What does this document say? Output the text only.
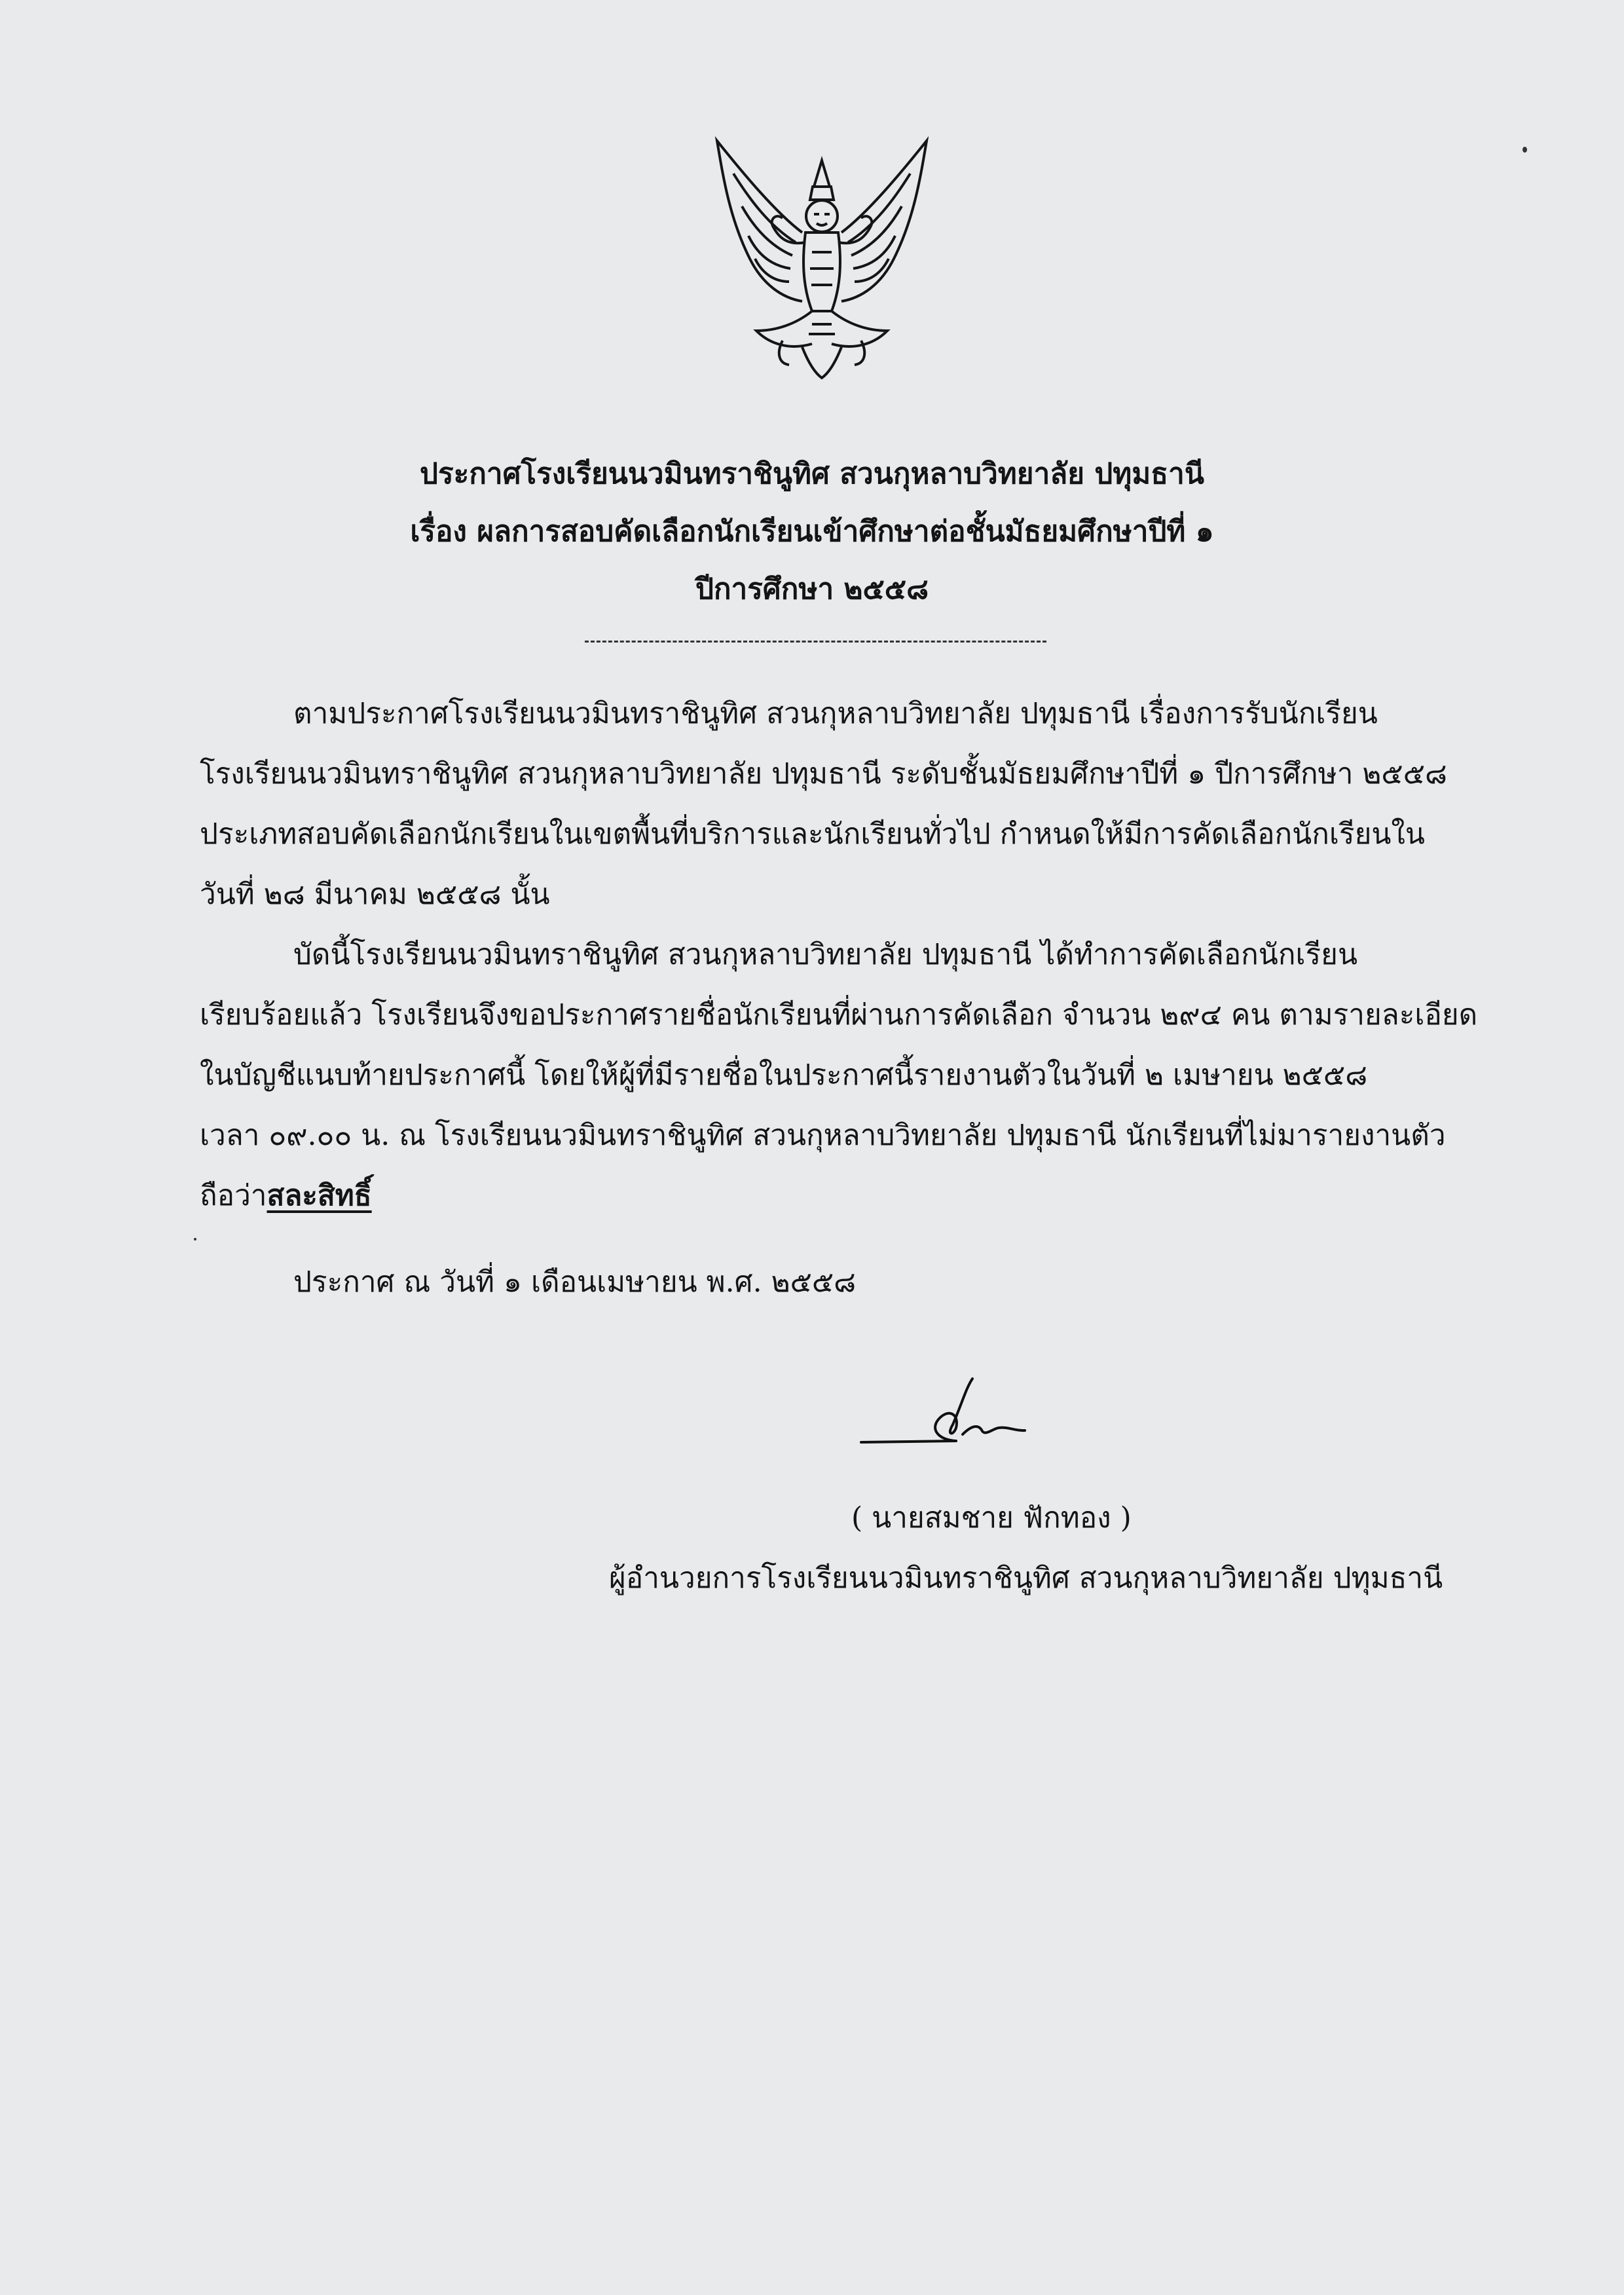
ประกาศโรงเรียนนวมินทราชินูทิศ สวนกุหลาบวิทยาลัย ปทุมธานี
เรื่อง ผลการสอบคัดเลือกนักเรียนเข้าศึกษาต่อชั้นมัธยมศึกษาปีที่ ๑
ปีการศึกษา ๒๕๕๘
ตามประกาศโรงเรียนนวมินทราชินูทิศ สวนกุหลาบวิทยาลัย ปทุมธานี เรื่องการรับนักเรียน
โรงเรียนนวมินทราชินูทิศ สวนกุหลาบวิทยาลัย ปทุมธานี ระดับชั้นมัธยมศึกษาปีที่ ๑ ปีการศึกษา ๒๕๕๘
ประเภทสอบคัดเลือกนักเรียนในเขตพื้นที่บริการและนักเรียนทั่วไป กำหนดให้มีการคัดเลือกนักเรียนใน
วันที่ ๒๘ มีนาคม ๒๕๕๘ นั้น
บัดนี้โรงเรียนนวมินทราชินูทิศ สวนกุหลาบวิทยาลัย ปทุมธานี ได้ทำการคัดเลือกนักเรียน
เรียบร้อยแล้ว โรงเรียนจึงขอประกาศรายชื่อนักเรียนที่ผ่านการคัดเลือก จำนวน ๒๙๔ คน ตามรายละเอียด
ในบัญชีแนบท้ายประกาศนี้ โดยให้ผู้ที่มีรายชื่อในประกาศนี้รายงานตัวในวันที่ ๒ เมษายน ๒๕๕๘
เวลา ๐๙.๐๐ น. ณ โรงเรียนนวมินทราชินูทิศ สวนกุหลาบวิทยาลัย ปทุมธานี นักเรียนที่ไม่มารายงานตัว
ถือว่าสละสิทธิ์
ประกาศ ณ วันที่ ๑ เดือนเมษายน พ.ศ. ๒๕๕๘
( นายสมชาย ฟักทอง )
ผู้อำนวยการโรงเรียนนวมินทราชินูทิศ สวนกุหลาบวิทยาลัย ปทุมธานี
